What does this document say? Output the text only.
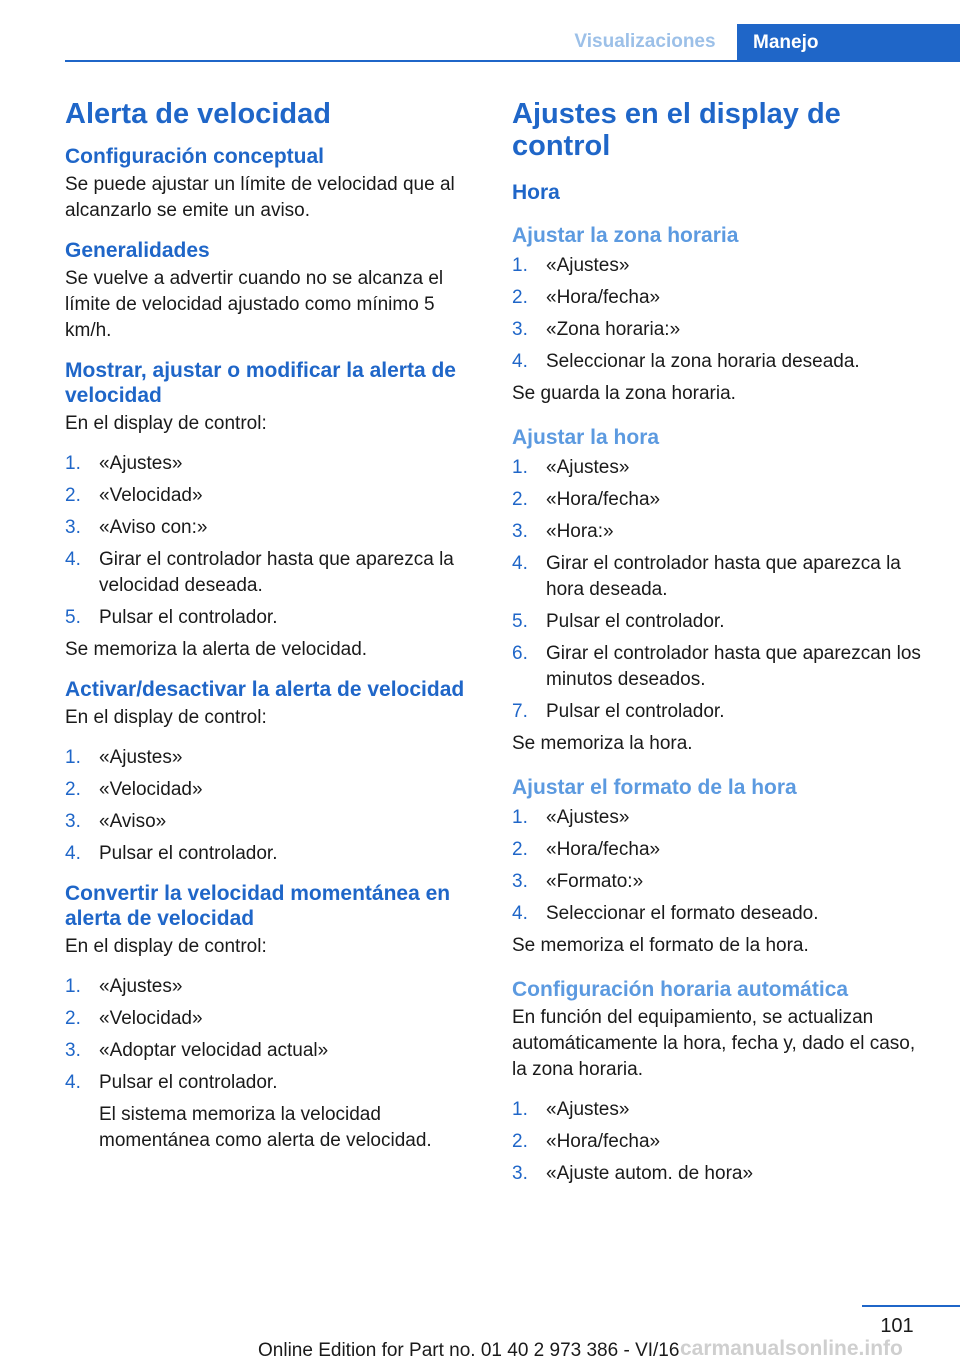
Visualizaciones	Manejo
Alerta de velocidad
Configuración conceptual

Se puede ajustar un límite de velocidad que al alcanzarlo se emite un aviso.

Generalidades

Se vuelve a advertir cuando no se alcanza el límite de velocidad ajustado como mínimo 5 km/h.

Mostrar, ajustar o modificar la alerta de velocidad

En el display de control:

1. «Ajustes»
2. «Velocidad»
3. «Aviso con:»
4. Girar el controlador hasta que aparezca la velocidad deseada.
5. Pulsar el controlador.

Se memoriza la alerta de velocidad.

Activar/desactivar la alerta de velocidad

En el display de control:

1. «Ajustes»
2. «Velocidad»
3. «Aviso»
4. Pulsar el controlador.
Convertir la velocidad momentánea en alerta de velocidad

En el display de control:

1. «Ajustes»
2. «Velocidad»
3. «Adoptar velocidad actual»
4. Pulsar el controlador.
El sistema memoriza la velocidad momentánea como alerta de velocidad.
Ajustes en el display de control
Hora
Ajustar la zona horaria
1. «Ajustes»
2. «Hora/fecha»
3. «Zona horaria:»
4. Seleccionar la zona horaria deseada.

Se guarda la zona horaria.

Ajustar la hora
1. «Ajustes»
2. «Hora/fecha»
3. «Hora:»
4. Girar el controlador hasta que aparezca la hora deseada.
5. Pulsar el controlador.
6. Girar el controlador hasta que aparezcan los minutos deseados.
7. Pulsar el controlador.

Se memoriza la hora.

Ajustar el formato de la hora
1. «Ajustes»
2. «Hora/fecha»
3. «Formato:»
4. Seleccionar el formato deseado.

Se memoriza el formato de la hora.

Configuración horaria automática

En función del equipamiento, se actualizan automáticamente la hora, fecha y, dado el caso, la zona horaria.

1. «Ajustes»
2. «Hora/fecha»
3. «Ajuste autom. de hora»
101
Online Edition for Part no. 01 40 2 973 386 - VI/16 carmanualsonline.info
